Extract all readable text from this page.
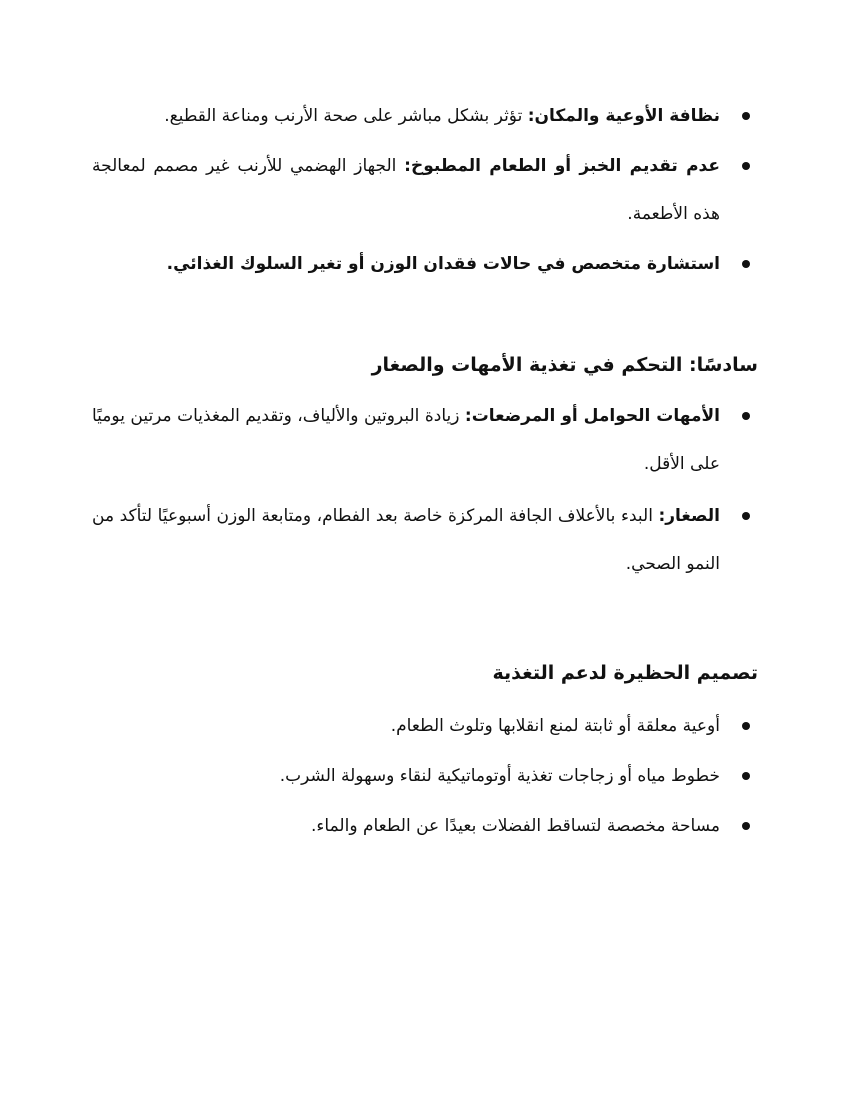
نظافة الأوعية والمكان: تؤثر بشكل مباشر على صحة الأرنب ومناعة القطيع.
عدم تقديم الخبز أو الطعام المطبوخ: الجهاز الهضمي للأرنب غير مصمم لمعالجة هذه الأطعمة.
استشارة متخصص في حالات فقدان الوزن أو تغير السلوك الغذائي.
سادسًا: التحكم في تغذية الأمهات والصغار
الأمهات الحوامل أو المرضعات: زيادة البروتين والألياف، وتقديم المغذيات مرتين يوميًا على الأقل.
الصغار: البدء بالأعلاف الجافة المركزة خاصة بعد الفطام، ومتابعة الوزن أسبوعيًا لتأكد من النمو الصحي.
تصميم الحظيرة لدعم التغذية
أوعية معلقة أو ثابتة لمنع انقلابها وتلوث الطعام.
خطوط مياه أو زجاجات تغذية أوتوماتيكية لنقاء وسهولة الشرب.
مساحة مخصصة لتساقط الفضلات بعيدًا عن الطعام والماء.
